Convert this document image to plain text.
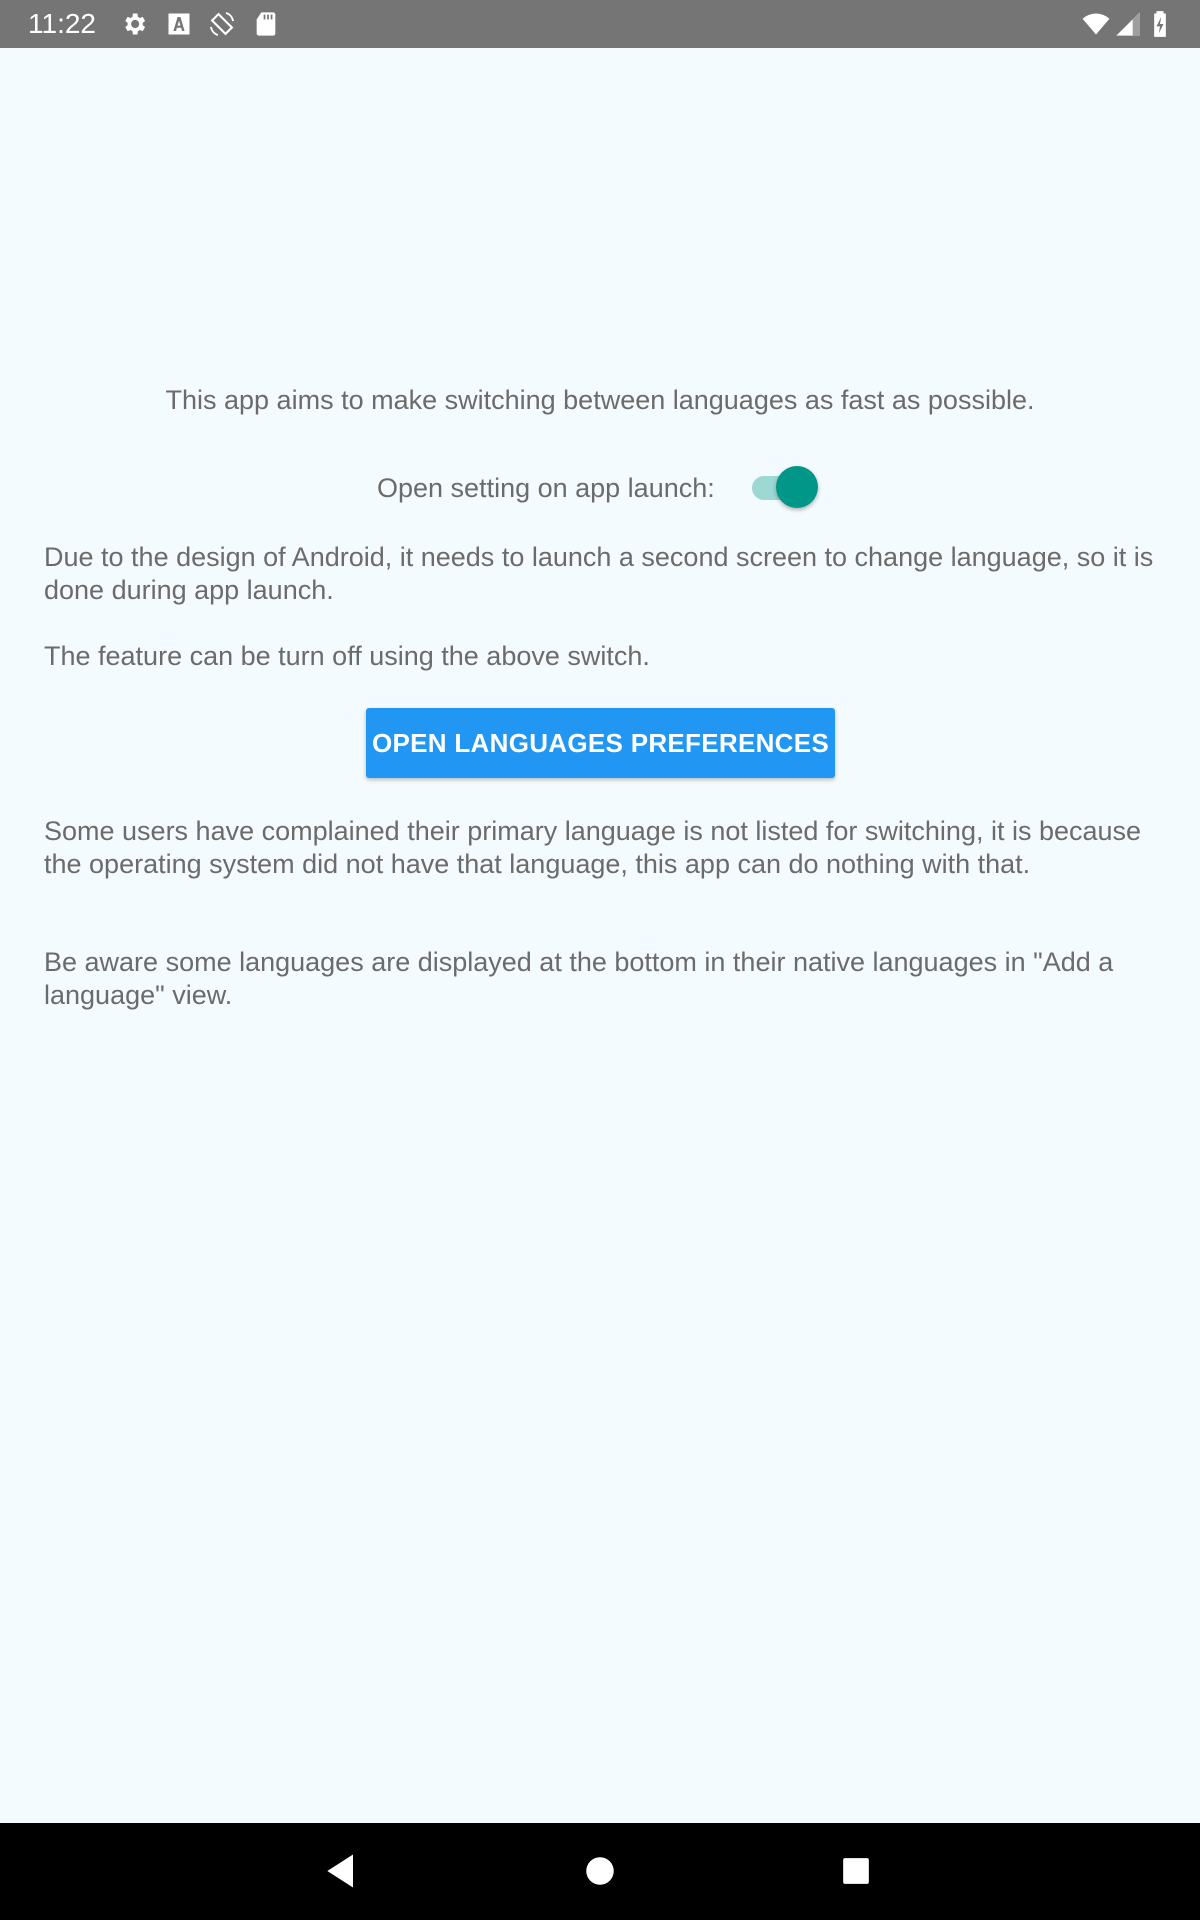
11:22
This app aims to make switching between languages as fast as possible.
Open setting on app launch:

Due to the design of Android, it needs to launch a second screen to change language, so it is done during app launch.

The feature can be turn off using the above switch.

OPEN LANGUAGES PREFERENCES

Some users have complained their primary language is not listed for switching, it is because the operating system did not have that language, this app can do nothing with that.

Be aware some languages are displayed at the bottom in their native languages in "Add a language" view.
